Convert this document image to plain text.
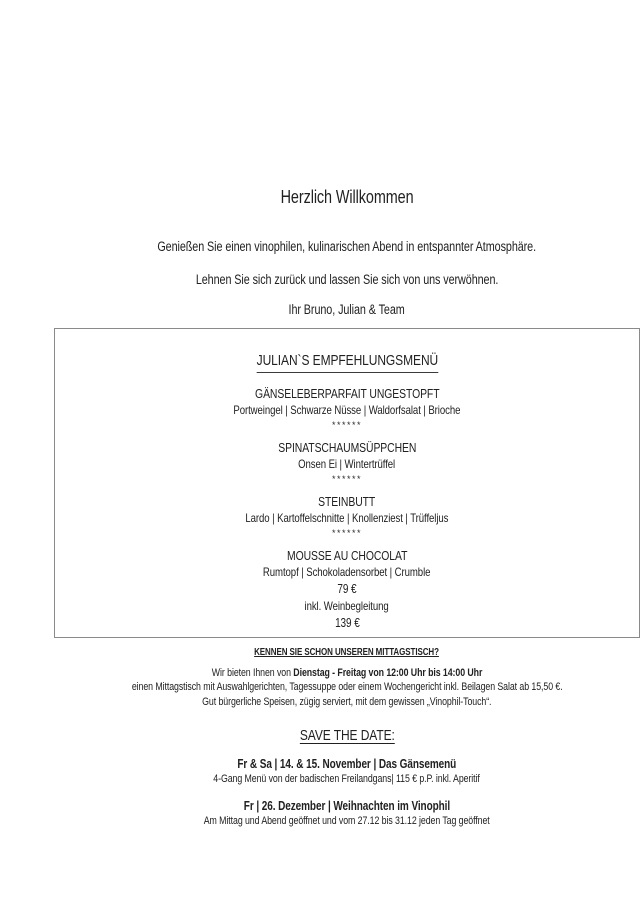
Herzlich Willkommen
Genießen Sie einen vinophilen, kulinarischen Abend in entspannter Atmosphäre.
Lehnen Sie sich zurück und lassen Sie sich von uns verwöhnen.
Ihr Bruno, Julian & Team
JULIAN`S EMPFEHLUNGSMENÜ
GÄNSELEBERPARFAIT UNGESTOPFT
Portweingel | Schwarze Nüsse | Waldorfsalat | Brioche
******
SPINATSCHAUMSÜPPCHEN
Onsen Ei | Wintertrüffel
******
STEINBUTT
Lardo | Kartoffelschnitte | Knollenziest | Trüffeljus
******
MOUSSE AU CHOCOLAT
Rumtopf | Schokoladensorbet | Crumble
79 €
inkl. Weinbegleitung
139 €
KENNEN SIE SCHON UNSEREN MITTAGSTISCH?
Wir bieten Ihnen von Dienstag - Freitag von 12:00 Uhr bis 14:00 Uhr
einen Mittagstisch mit Auswahlgerichten, Tagessuppe oder einem Wochengericht inkl. Beilagen Salat ab 15,50 €.
Gut bürgerliche Speisen, zügig serviert, mit dem gewissen „Vinophil-Touch“.
SAVE THE DATE:
Fr & Sa | 14. & 15. November | Das Gänsemenü
4-Gang Menü von der badischen Freilandgans| 115 € p.P. inkl. Aperitif
Fr | 26. Dezember | Weihnachten im Vinophil
Am Mittag und Abend geöffnet und vom 27.12 bis 31.12 jeden Tag geöffnet
